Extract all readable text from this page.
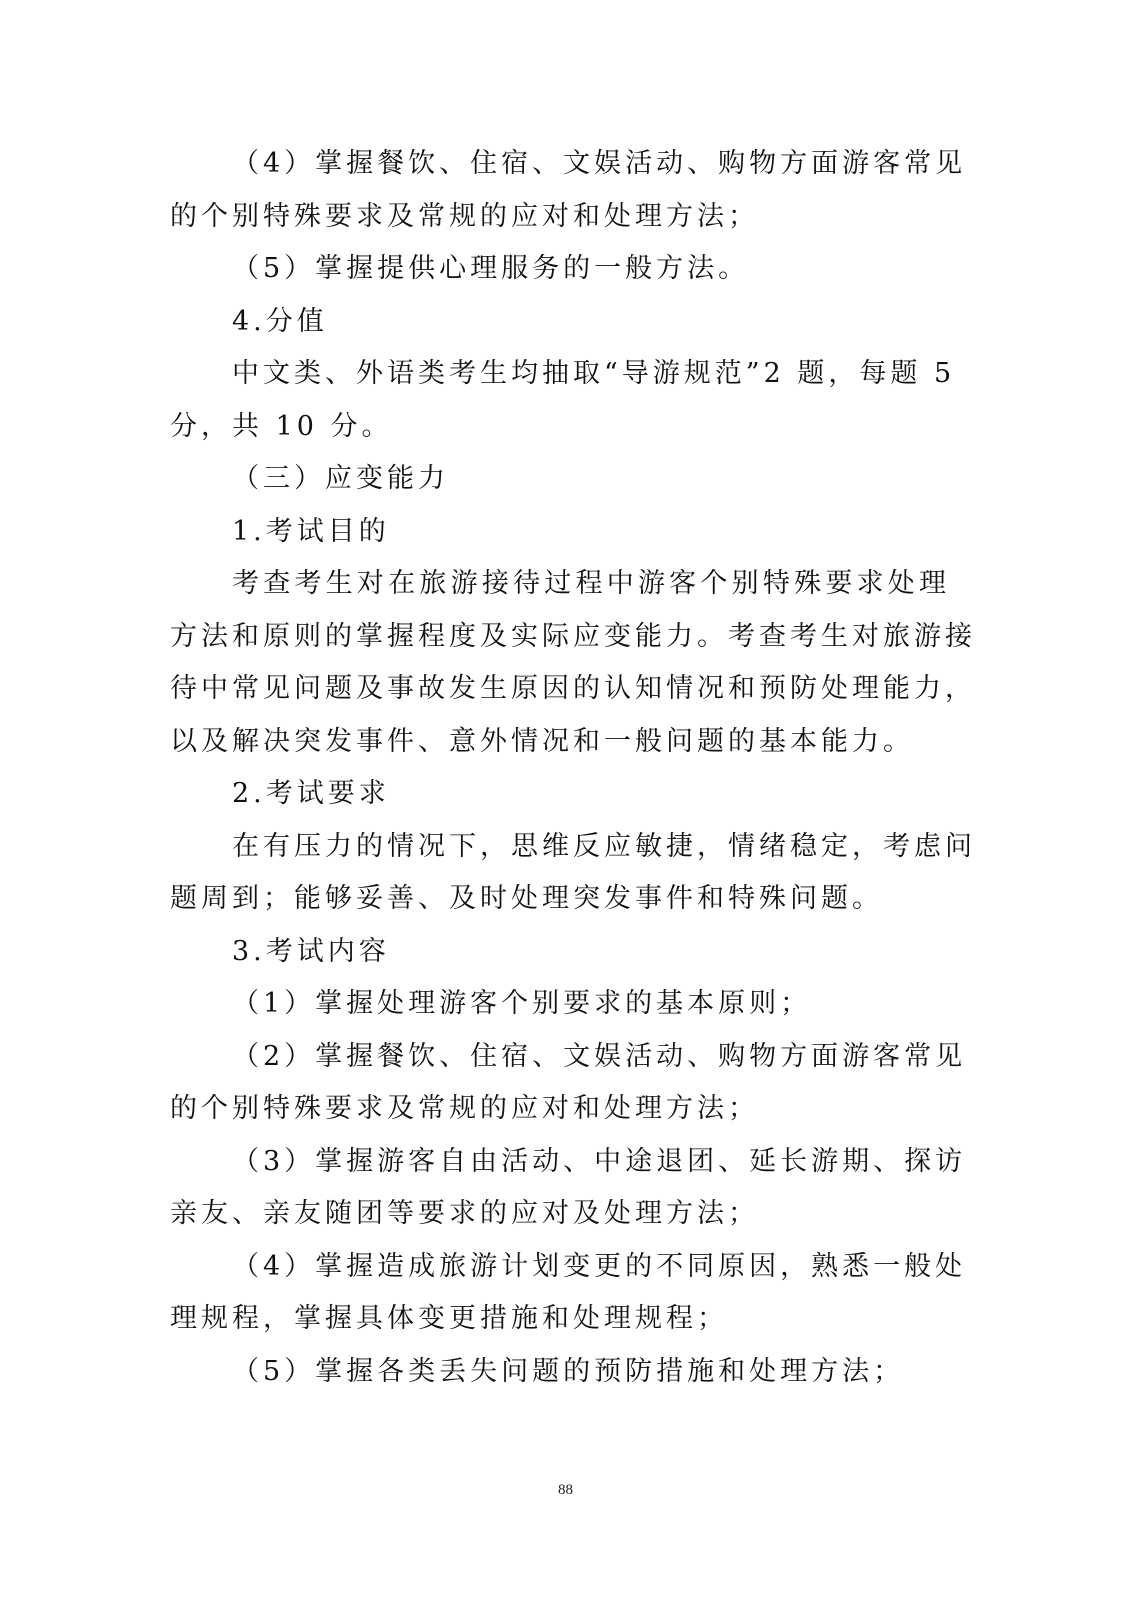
（4）掌握餐饮、住宿、文娱活动、购物方面游客常见
的个别特殊要求及常规的应对和处理方法；
（5）掌握提供心理服务的一般方法。
4.分值
中文类、外语类考生均抽取“导游规范”2 题，每题 5
分，共 10 分。
（三）应变能力
1.考试目的
考查考生对在旅游接待过程中游客个别特殊要求处理
方法和原则的掌握程度及实际应变能力。考查考生对旅游接
待中常见问题及事故发生原因的认知情况和预防处理能力，
以及解决突发事件、意外情况和一般问题的基本能力。
2.考试要求
在有压力的情况下，思维反应敏捷，情绪稳定，考虑问
题周到；能够妥善、及时处理突发事件和特殊问题。
3.考试内容
（1）掌握处理游客个别要求的基本原则；
（2）掌握餐饮、住宿、文娱活动、购物方面游客常见
的个别特殊要求及常规的应对和处理方法；
（3）掌握游客自由活动、中途退团、延长游期、探访
亲友、亲友随团等要求的应对及处理方法；
（4）掌握造成旅游计划变更的不同原因，熟悉一般处
理规程，掌握具体变更措施和处理规程；
（5）掌握各类丢失问题的预防措施和处理方法；
88
